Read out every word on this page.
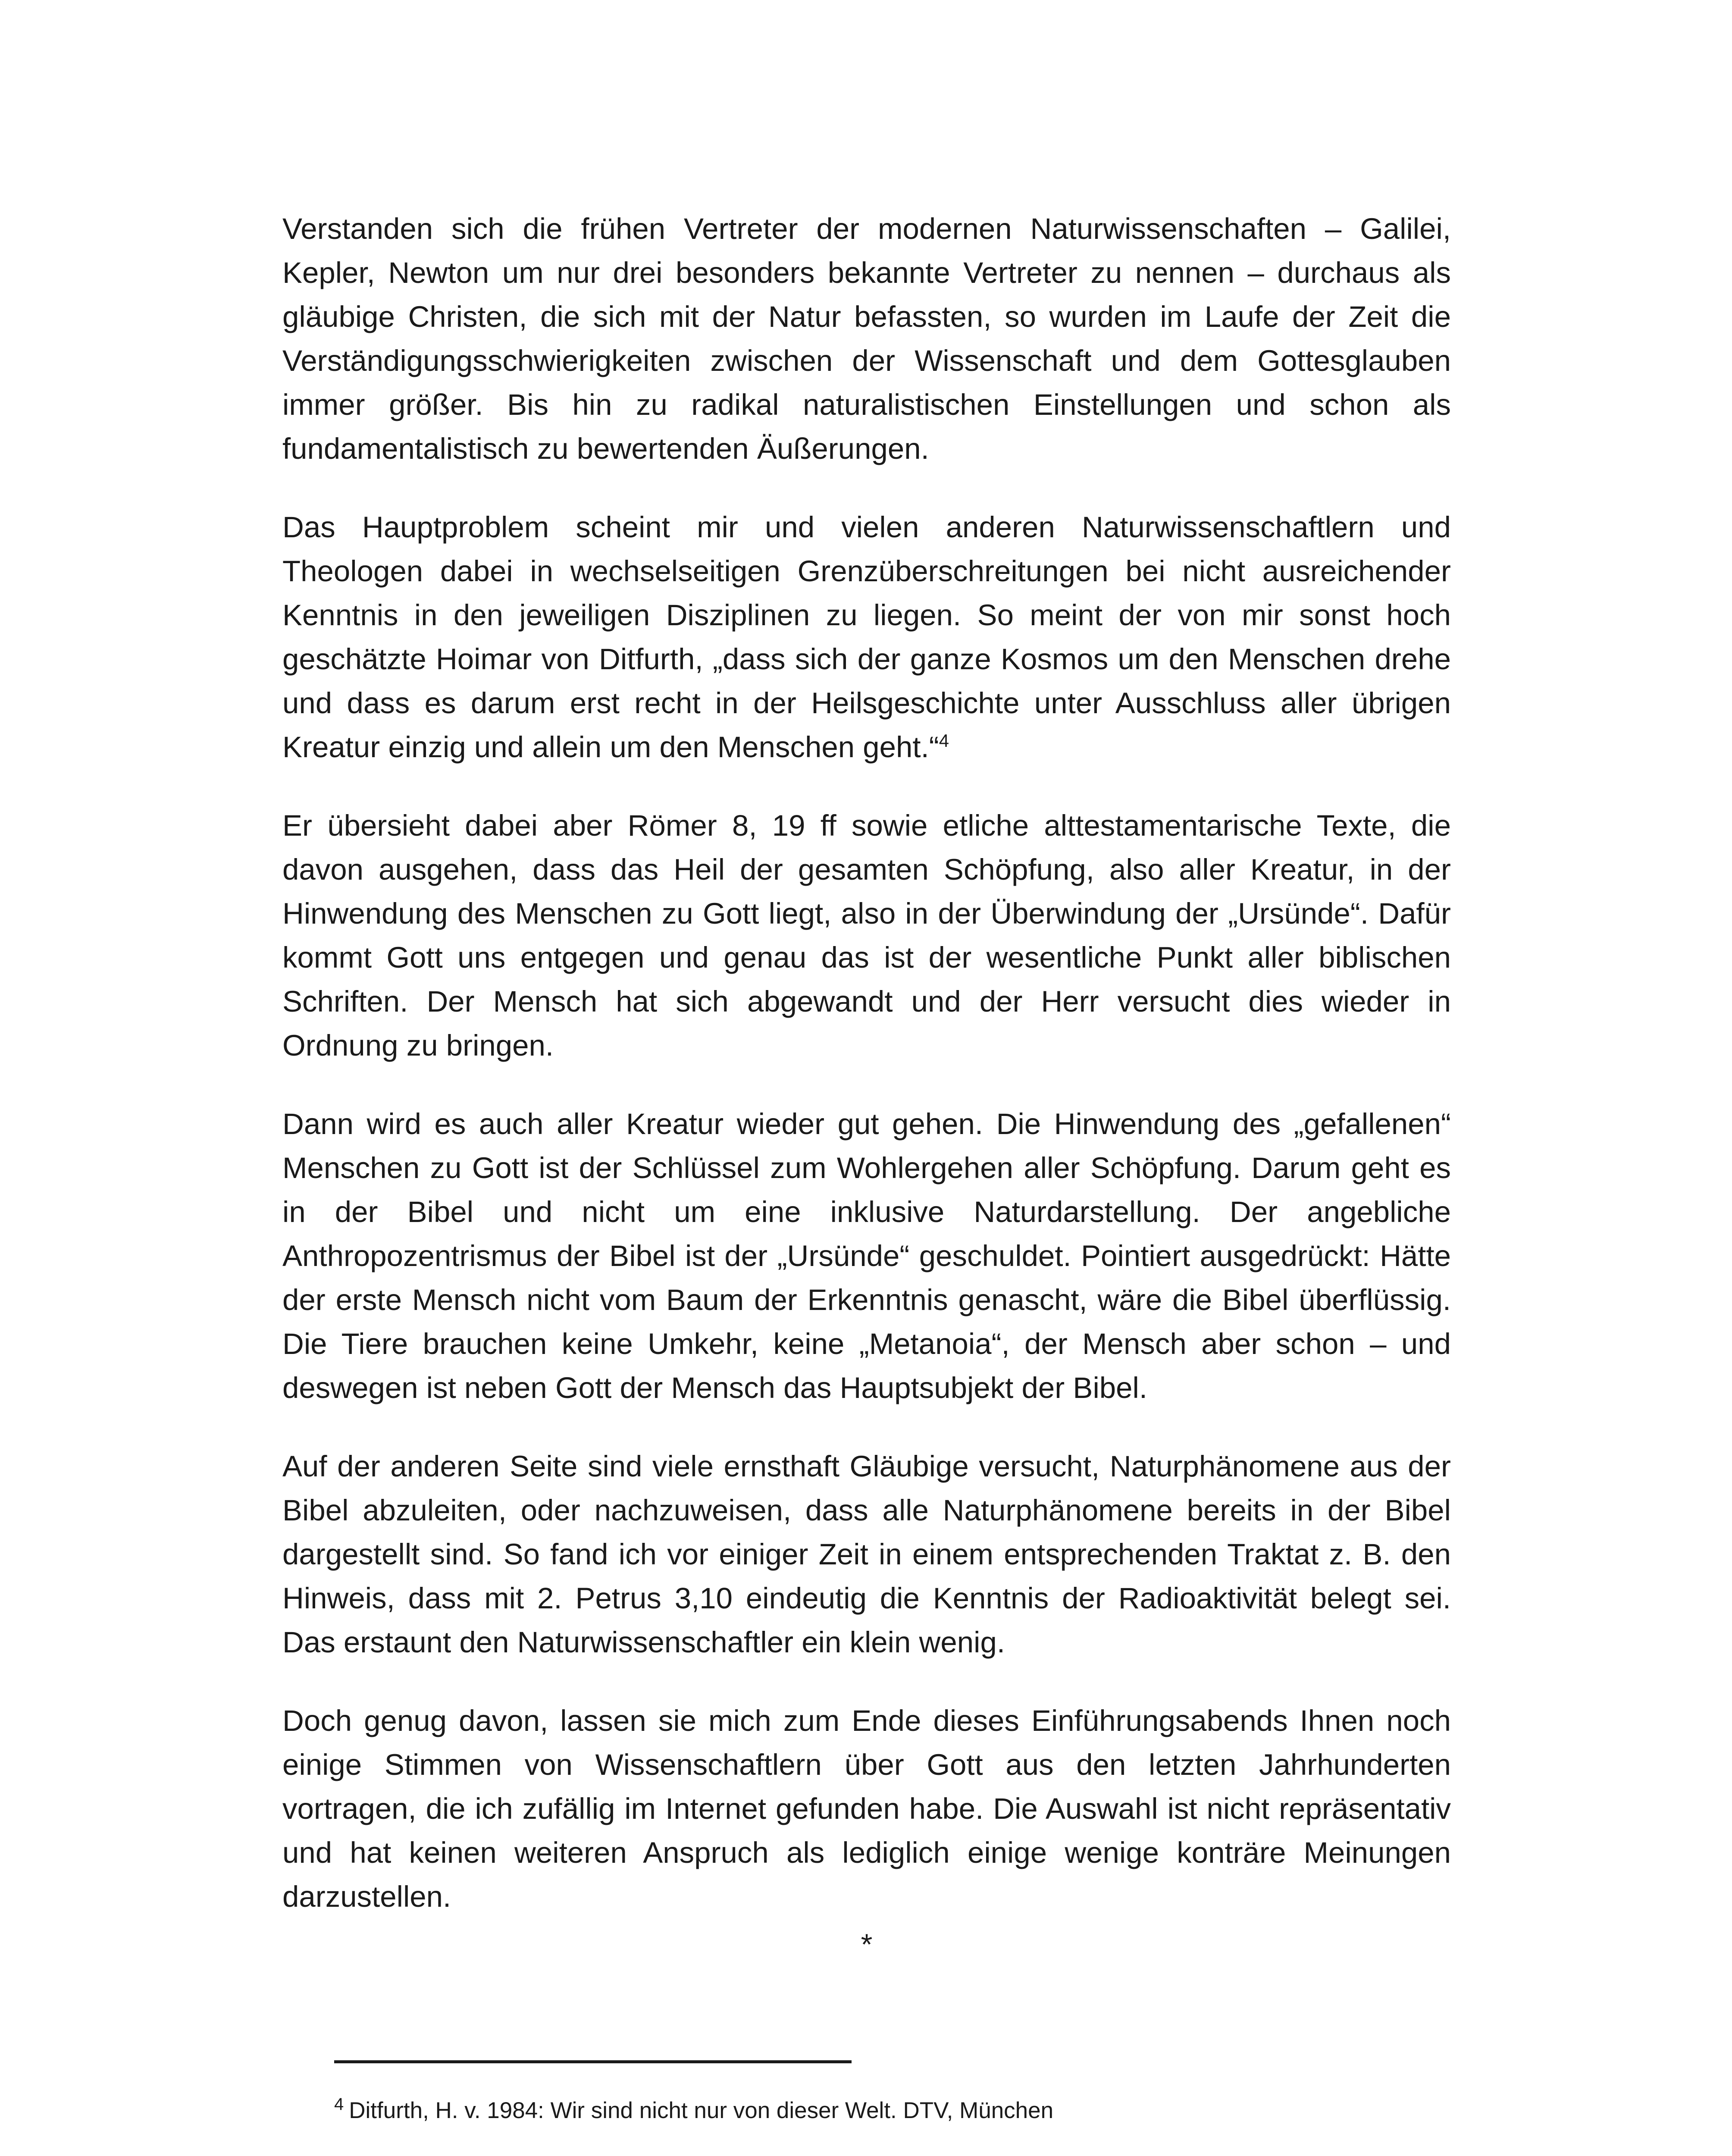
Verstanden sich die frühen Vertreter der modernen Naturwissenschaften – Galilei, Kepler, Newton um nur drei besonders bekannte Vertreter zu nennen – durchaus als gläubige Christen, die sich mit der Natur befassten, so wurden im Laufe der Zeit die Verständigungsschwierigkeiten zwischen der Wissenschaft und dem Gottesglauben immer größer. Bis hin zu radikal naturalistischen Einstellungen und schon als fundamentalistisch zu bewertenden Äußerungen.

Das Hauptproblem scheint mir und vielen anderen Naturwissenschaftlern und Theologen dabei in wechselseitigen Grenzüberschreitungen bei nicht ausreichender Kenntnis in den jeweiligen Disziplinen zu liegen. So meint der von mir sonst hoch geschätzte Hoimar von Ditfurth, „dass sich der ganze Kosmos um den Menschen drehe und dass es darum erst recht in der Heilsgeschichte unter Ausschluss aller übrigen Kreatur einzig und allein um den Menschen geht.“$^4$

Er übersieht dabei aber Römer 8, 19 ff sowie etliche alttestamentarische Texte, die davon ausgehen, dass das Heil der gesamten Schöpfung, also aller Kreatur, in der Hinwendung des Menschen zu Gott liegt, also in der Überwindung der „Ursünde“. Dafür kommt Gott uns entgegen und genau das ist der wesentliche Punkt aller biblischen Schriften. Der Mensch hat sich abgewandt und der Herr versucht dies wieder in Ordnung zu bringen.

Dann wird es auch aller Kreatur wieder gut gehen. Die Hinwendung des „gefallenen“ Menschen zu Gott ist der Schlüssel zum Wohlergehen aller Schöpfung. Darum geht es in der Bibel und nicht um eine inklusive Naturdarstellung. Der angebliche Anthropozentrismus der Bibel ist der „Ursünde“ geschuldet. Pointiert ausgedrückt: Hätte der erste Mensch nicht vom Baum der Erkenntnis genascht, wäre die Bibel überflüssig. Die Tiere brauchen keine Umkehr, keine „Metanoia“, der Mensch aber schon – und deswegen ist neben Gott der Mensch das Hauptsubjekt der Bibel.

Auf der anderen Seite sind viele ernsthaft Gläubige versucht, Naturphänomene aus der Bibel abzuleiten, oder nachzuweisen, dass alle Naturphänomene bereits in der Bibel dargestellt sind. So fand ich vor einiger Zeit in einem entsprechenden Traktat z. B. den Hinweis, dass mit 2. Petrus 3,10 eindeutig die Kenntnis der Radioaktivität belegt sei. Das erstaunt den Naturwissenschaftler ein klein wenig.

Doch genug davon, lassen sie mich zum Ende dieses Einführungsabends Ihnen noch einige Stimmen von Wissenschaftlern über Gott aus den letzten Jahrhunderten vortragen, die ich zufällig im Internet gefunden habe. Die Auswahl ist nicht repräsentativ und hat keinen weiteren Anspruch als lediglich einige wenige konträre Meinungen darzustellen.

*
$^4$ Ditfurth, H. v. 1984: Wir sind nicht nur von dieser Welt. DTV, München
